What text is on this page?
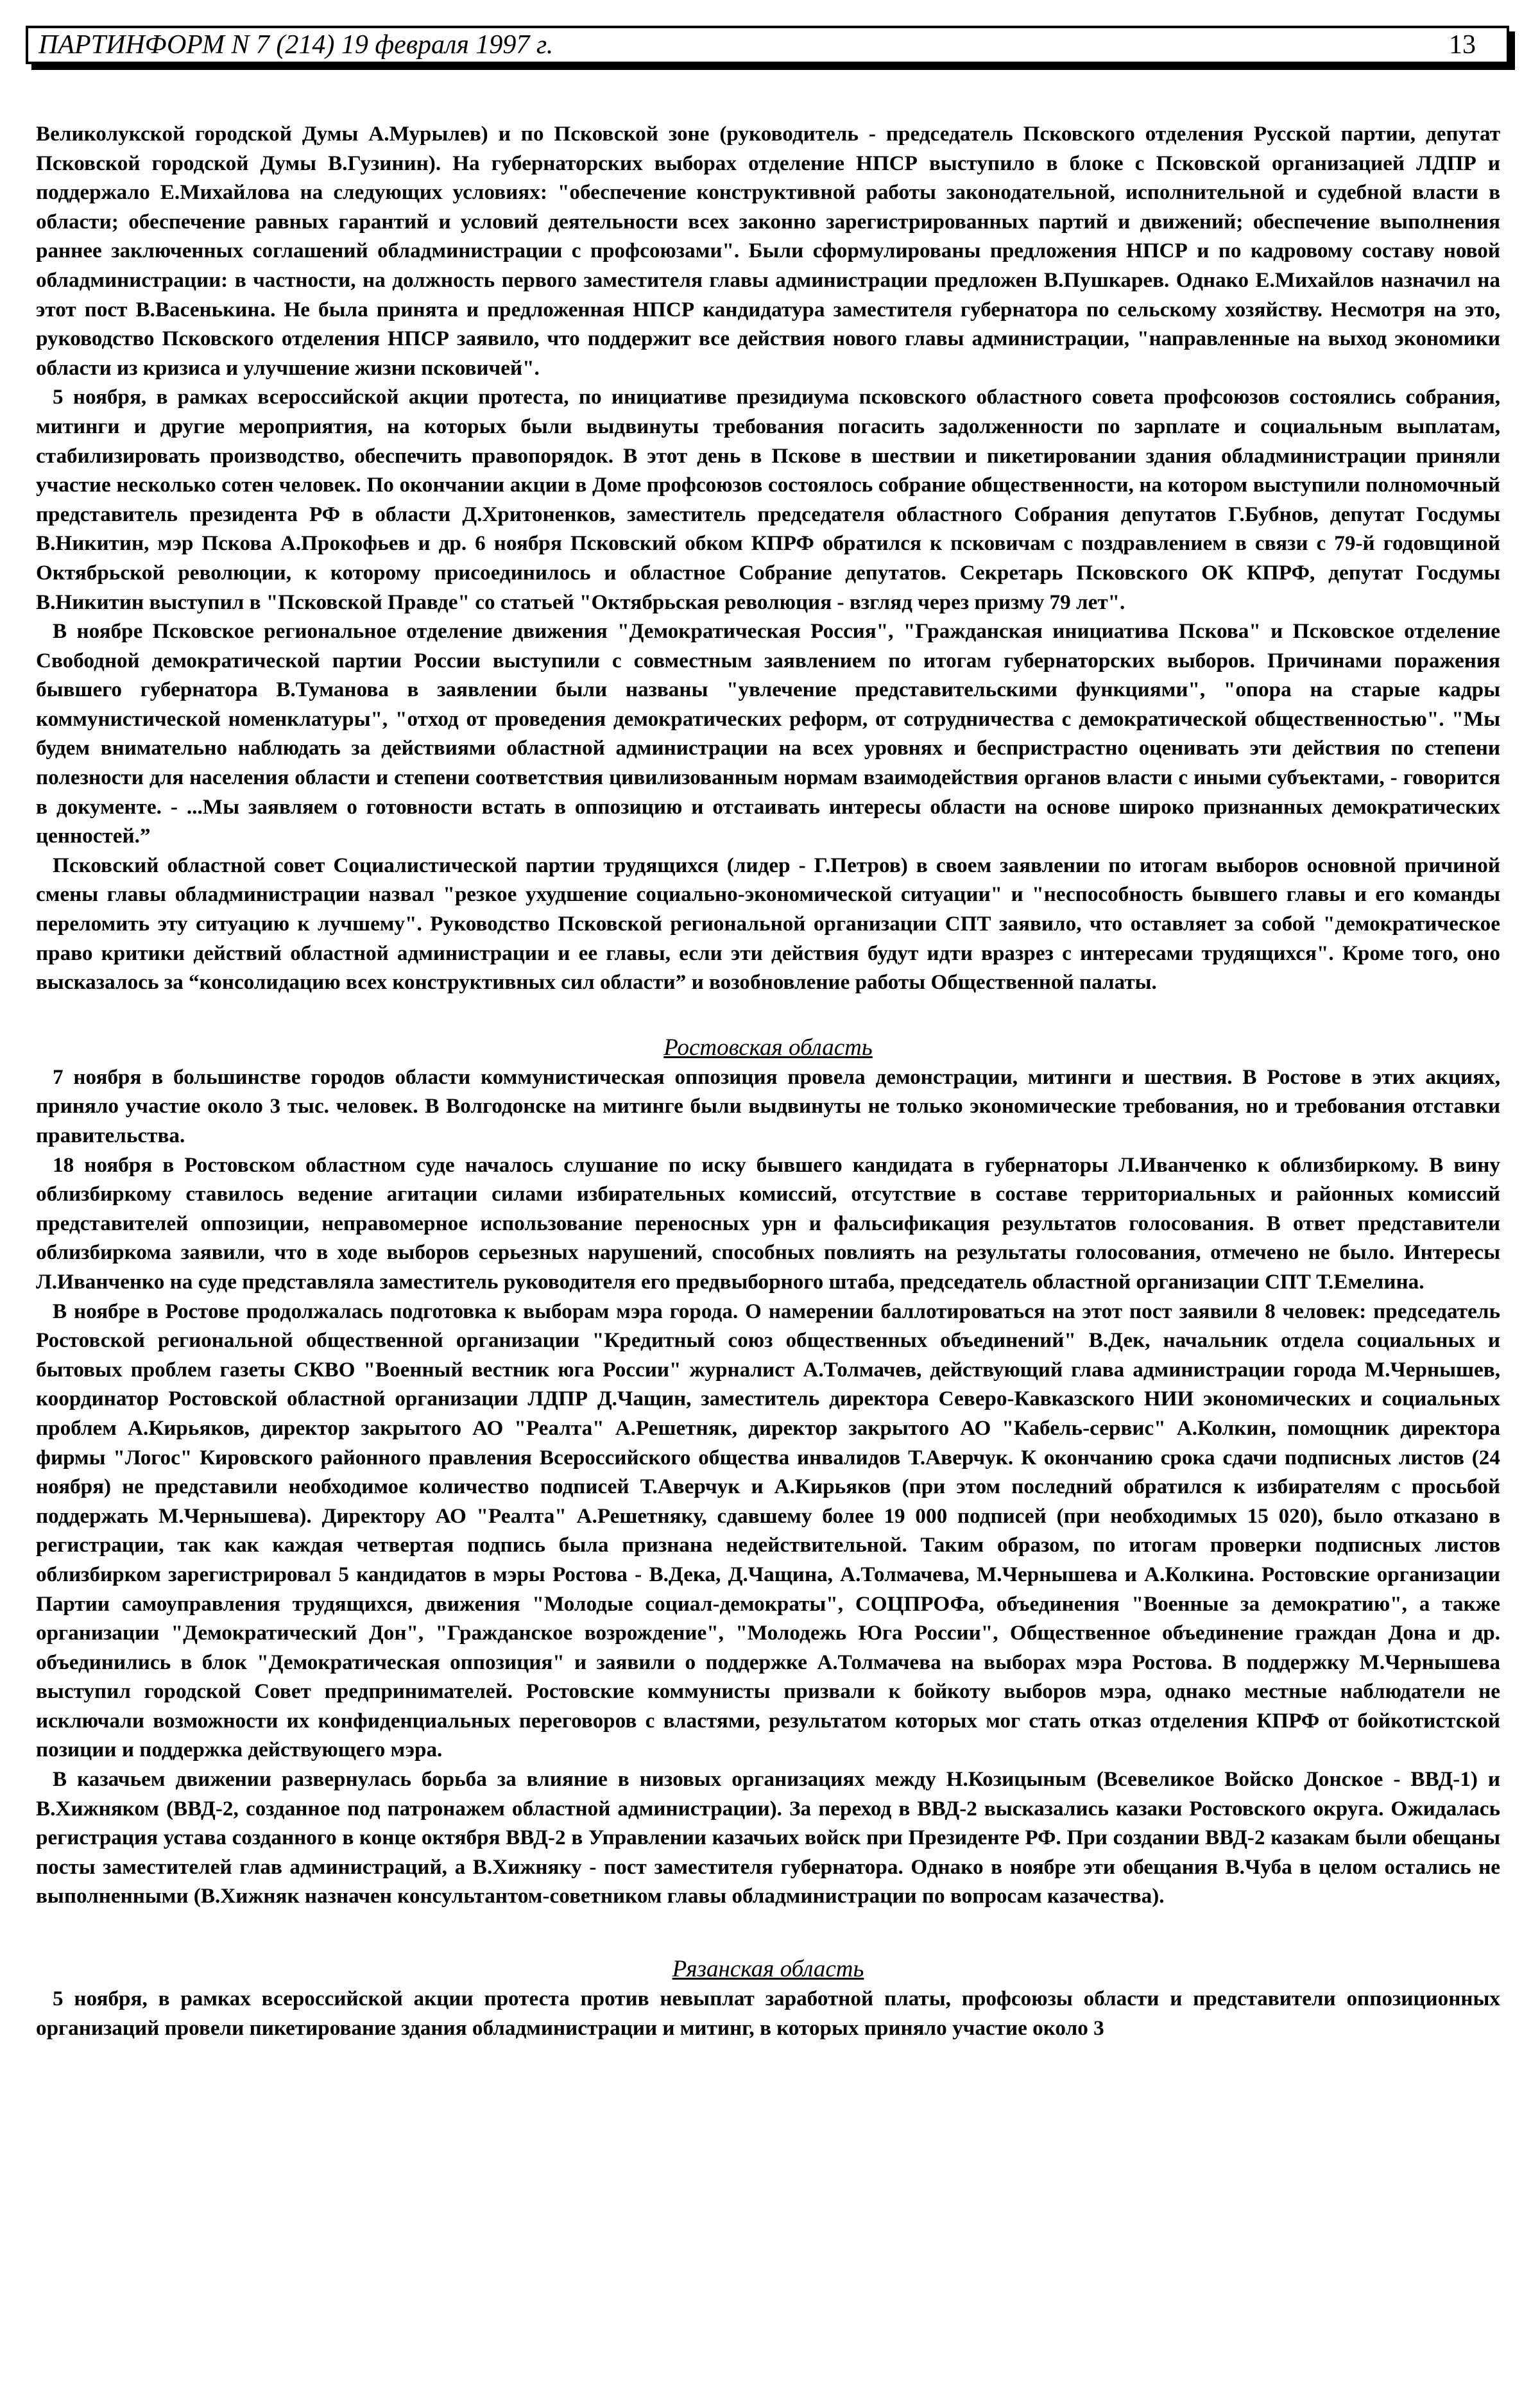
ПАРТИНФОРМ N 7 (214) 19 февраля 1997 г.	13

Великолукской городской Думы А.Мурылев) и по Псковской зоне (руководитель - председатель Псковского отделения Русской партии, депутат Псковской городской Думы В.Гузинин). На губернаторских выборах отделение НПСР выступило в блоке с Псковской организацией ЛДПР и поддержало Е.Михайлова на следующих условиях: "обеспечение конструктивной работы законодательной, исполнительной и судебной власти в области; обеспечение равных гарантий и условий деятельности всех законно зарегистрированных партий и движений; обеспечение выполнения раннее заключенных соглашений обладминистрации с профсоюзами". Были сформулированы предложения НПСР и по кадровому составу новой обладминистрации: в частности, на должность первого заместителя главы администрации предложен В.Пушкарев. Однако Е.Михайлов назначил на этот пост В.Васенькина. Не была принята и предложенная НПСР кандидатура заместителя губернатора по сельскому хозяйству. Несмотря на это, руководство Псковского отделения НПСР заявило, что поддержит все действия нового главы администрации, "направленные на выход экономики области из кризиса и улучшение жизни псковичей".

5 ноября, в рамках всероссийской акции протеста, по инициативе президиума псковского областного совета профсоюзов состоялись собрания, митинги и другие мероприятия, на которых были выдвинуты требования погасить задолженности по зарплате и социальным выплатам, стабилизировать производство, обеспечить правопорядок. В этот день в Пскове в шествии и пикетировании здания обладминистрации приняли участие несколько сотен человек. По окончании акции в Доме профсоюзов состоялось собрание общественности, на котором выступили полномочный представитель президента РФ в области Д.Хритоненков, заместитель председателя областного Собрания депутатов Г.Бубнов, депутат Госдумы В.Никитин, мэр Пскова А.Прокофьев и др. 6 ноября Псковский обком КПРФ обратился к псковичам с поздравлением в связи с 79-й годовщиной Октябрьской революции, к которому присоединилось и областное Собрание депутатов. Секретарь Псковского ОК КПРФ, депутат Госдумы В.Никитин выступил в "Псковской Правде" со статьей "Октябрьская революция - взгляд через призму 79 лет".

В ноябре Псковское региональное отделение движения "Демократическая Россия", "Гражданская инициатива Пскова" и Псковское отделение Свободной демократической партии России выступили с совместным заявлением по итогам губернаторских выборов. Причинами поражения бывшего губернатора В.Туманова в заявлении были названы "увлечение представительскими функциями", "опора на старые кадры коммунистической номенклатуры", "отход от проведения демократических реформ, от сотрудничества с демократической общественностью". "Мы будем внимательно наблюдать за действиями областной администрации на всех уровнях и беспристрастно оценивать эти действия по степени полезности для населения области и степени соответствия цивилизованным нормам взаимодействия органов власти с иными субъектами, - говорится в документе. - ...Мы заявляем о готовности встать в оппозицию и отстаивать интересы области на основе широко признанных демократических ценностей.”

Псковский областной совет Социалистической партии трудящихся (лидер - Г.Петров) в своем заявлении по итогам выборов основной причиной смены главы обладминистрации назвал "резкое ухудшение социально-экономической ситуации" и "неспособность бывшего главы и его команды переломить эту ситуацию к лучшему". Руководство Псковской региональной организации СПТ заявило, что оставляет за собой "демократическое право критики действий областной администрации и ее главы, если эти действия будут идти вразрез с интересами трудящихся". Кроме того, оно высказалось за “консолидацию всех конструктивных сил области” и возобновление работы Общественной палаты.

Ростовская область

7 ноября в большинстве городов области коммунистическая оппозиция провела демонстрации, митинги и шествия. В Ростове в этих акциях, приняло участие около 3 тыс. человек. В Волгодонске на митинге были выдвинуты не только экономические требования, но и требования отставки правительства.

18 ноября в Ростовском областном суде началось слушание по иску бывшего кандидата в губернаторы Л.Иванченко к облизбиркому. В вину облизбиркому ставилось ведение агитации силами избирательных комиссий, отсутствие в составе территориальных и районных комиссий представителей оппозиции, неправомерное использование переносных урн и фальсификация результатов голосования. В ответ представители облизбиркома заявили, что в ходе выборов серьезных нарушений, способных повлиять на результаты голосования, отмечено не было. Интересы Л.Иванченко на суде представляла заместитель руководителя его предвыборного штаба, председатель областной организации СПТ Т.Емелина.

В ноябре в Ростове продолжалась подготовка к выборам мэра города. О намерении баллотироваться на этот пост заявили 8 человек: председатель Ростовской региональной общественной организации "Кредитный союз общественных объединений" В.Дек, начальник отдела социальных и бытовых проблем газеты СКВО "Военный вестник юга России" журналист А.Толмачев, действующий глава администрации города М.Чернышев, координатор Ростовской областной организации ЛДПР Д.Чащин, заместитель директора Северо-Кавказского НИИ экономических и социальных проблем А.Кирьяков, директор закрытого АО "Реалта" А.Решетняк, директор закрытого АО "Кабель-сервис" А.Колкин, помощник директора фирмы "Логос" Кировского районного правления Всероссийского общества инвалидов Т.Аверчук. К окончанию срока сдачи подписных листов (24 ноября) не представили необходимое количество подписей Т.Аверчук и А.Кирьяков (при этом последний обратился к избирателям с просьбой поддержать М.Чернышева). Директору АО "Реалта" А.Решетняку, сдавшему более 19 000 подписей (при необходимых 15 020), было отказано в регистрации, так как каждая четвертая подпись была признана недействительной. Таким образом, по итогам проверки подписных листов облизбирком зарегистрировал 5 кандидатов в мэры Ростова - В.Дека, Д.Чащина, А.Толмачева, М.Чернышева и А.Колкина. Ростовские организации Партии самоуправления трудящихся, движения "Молодые социал-демократы", СОЦПРОФа, объединения "Военные за демократию", а также организации "Демократический Дон", "Гражданское возрождение", "Молодежь Юга России", Общественное объединение граждан Дона и др. объединились в блок "Демократическая оппозиция" и заявили о поддержке А.Толмачева на выборах мэра Ростова. В поддержку М.Чернышева выступил городской Совет предпринимателей. Ростовские коммунисты призвали к бойкоту выборов мэра, однако местные наблюдатели не исключали возможности их конфиденциальных переговоров с властями, результатом которых мог стать отказ отделения КПРФ от бойкотистской позиции и поддержка действующего мэра.

В казачьем движении развернулась борьба за влияние в низовых организациях между Н.Козицыным (Всевеликое Войско Донское - ВВД-1) и В.Хижняком (ВВД-2, созданное под патронажем областной администрации). За переход в ВВД-2 высказались казаки Ростовского округа. Ожидалась регистрация устава созданного в конце октября ВВД-2 в Управлении казачьих войск при Президенте РФ. При создании ВВД-2 казакам были обещаны посты заместителей глав администраций, а В.Хижняку - пост заместителя губернатора. Однако в ноябре эти обещания В.Чуба в целом остались не выполненными (В.Хижняк назначен консультантом-советником главы обладминистрации по вопросам казачества).

Рязанская область

5 ноября, в рамках всероссийской акции протеста против невыплат заработной платы, профсоюзы области и представители оппозиционных организаций провели пикетирование здания обладминистрации и митинг, в которых приняло участие около 3
